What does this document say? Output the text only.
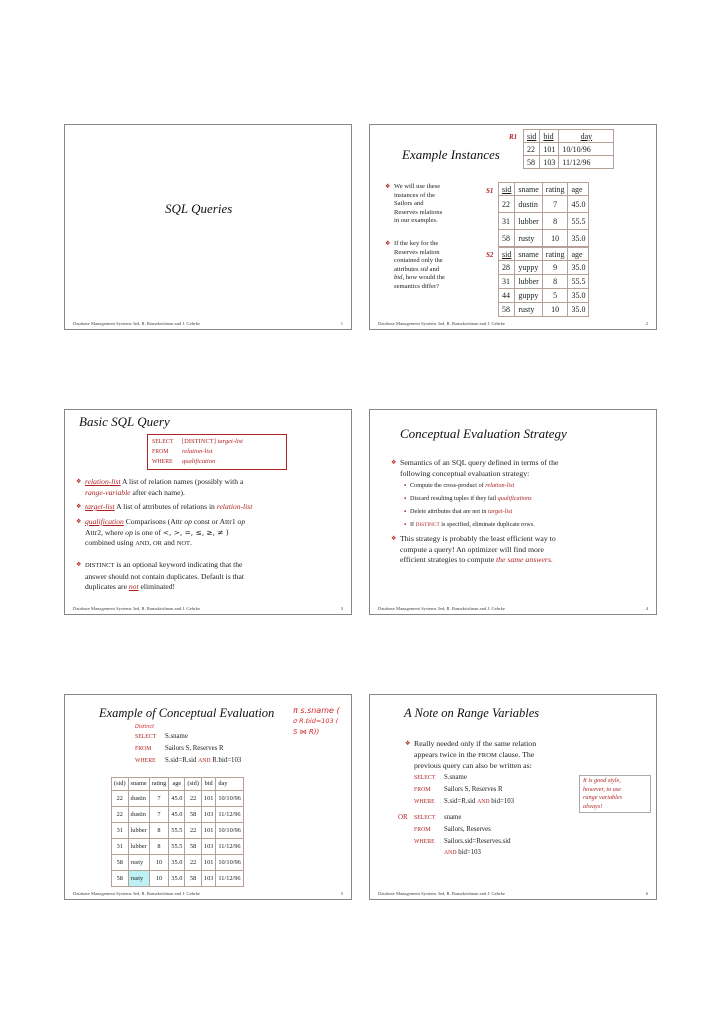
SQL Queries
Database Management Systems 3ed, R. Ramakrishnan and J. Gehrke	1
R1 sid	bid	day
22	101	10/10/96
58	103	11/12/96
Example Instances
❖ We will use these
instances of the
Sailors and
Reserves relations
in our examples.
❖ If the key for the
Reserves relation
contained only the
attributes sid and
bid, how would the
semantics differ?
S1 sid	sname	rating	age
22	dustin	7	45.0
31	lubber	8	55.5
58	rusty	10	35.0
S2 sid	sname	rating	age
28	yuppy	9	35.0
31	lubber	8	55.5
44	guppy	5	35.0
58	rusty	10	35.0
Database Management Systems 3ed, R. Ramakrishnan and J. Gehrke	2
Basic SQL Query
SELECT [DISTINCT] target-list
FROM relation-list
WHERE qualification
❖ relation-list A list of relation names (possibly with a
range-variable after each name).
❖ target-list A list of attributes of relations in relation-list
❖ qualification Comparisons (Attr op const or Attr1 op
Attr2, where op is one of <, >, =, ≤, ≥, ≠ )
combined using AND, OR and NOT.
❖ DISTINCT is an optional keyword indicating that the
answer should not contain duplicates. Default is that
duplicates are not eliminated!
Database Management Systems 3ed, R. Ramakrishnan and J. Gehrke	3
Conceptual Evaluation Strategy
❖ Semantics of an SQL query defined in terms of the
following conceptual evaluation strategy:
▪ Compute the cross-product of relation-list
▪ Discard resulting tuples if they fail qualifications
▪ Delete attributes that are not in target-list
▪ If DISTINCT is specified, eliminate duplicate rows.
❖ This strategy is probably the least efficient way to
compute a query! An optimizer will find more
efficient strategies to compute the same answers.
Database Management Systems 3ed, R. Ramakrishnan and J. Gehrke	4
Example of Conceptual Evaluation π s.sname (
σ R.bid=103 (
S ⋈ R))
Distinct
SELECT S.sname
FROM Sailors S, Reserves R
WHERE S.sid=R.sid AND R.bid=103
(sid)	sname	rating	age	(sid)	bid	day
22	dustin	7	45.0	22	101	10/10/96
22	dustin	7	45.0	58	103	11/12/96
31	lubber	8	55.5	22	101	10/10/96
31	lubber	8	55.5	58	103	11/12/96
58	rusty	10	35.0	22	101	10/10/96
58	rusty	10	35.0	58	103	11/12/96
Database Management Systems 3ed, R. Ramakrishnan and J. Gehrke	5
A Note on Range Variables
❖ Really needed only if the same relation
appears twice in the FROM clause. The
previous query can also be written as:
SELECT S.sname
FROM Sailors S, Reserves R
WHERE S.sid=R.sid AND bid=103
OR SELECT sname
FROM Sailors, Reserves
WHERE Sailors.sid=Reserves.sid
AND bid=103
It is good style,
however, to use
range variables
always!
Database Management Systems 3ed, R. Ramakrishnan and J. Gehrke	6
